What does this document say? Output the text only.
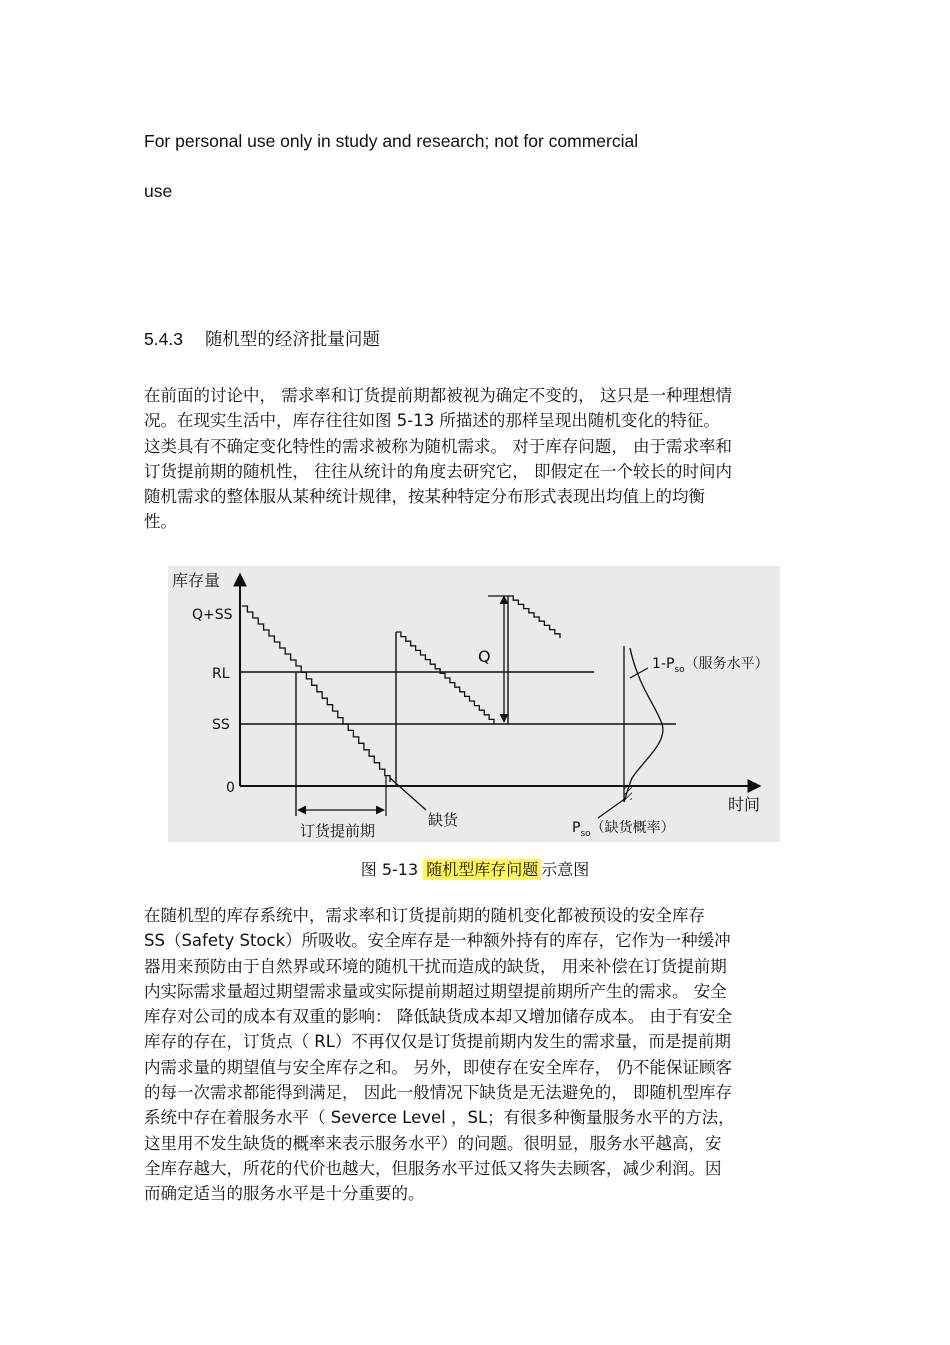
For personal use only in study and research; not for commercial
use
5.4.3 随机型的经济批量问题
在前面的讨论中， 需求率和订货提前期都被视为确定不变的， 这只是一种理想情
况。在现实生活中，库存往往如图 5-13 所描述的那样呈现出随机变化的特征。
这类具有不确定变化特性的需求被称为随机需求。 对于库存问题， 由于需求率和
订货提前期的随机性， 往往从统计的角度去研究它， 即假定在一个较长的时间内
随机需求的整体服从某种统计规律，按某种特定分布形式表现出均值上的均衡
性。
库存量
时间
Q+SS
RL
SS
0
订货提前期
缺货
Q	$1-P_{so}$（服务水平）
$P_{so}$（缺货概率）
图 5-13 随机型库存问题 示意图
在随机型的库存系统中，需求率和订货提前期的随机变化都被预设的安全库存
SS（Safety Stock）所吸收。安全库存是一种额外持有的库存，它作为一种缓冲
器用来预防由于自然界或环境的随机干扰而造成的缺货， 用来补偿在订货提前期
内实际需求量超过期望需求量或实际提前期超过期望提前期所产生的需求。 安全
库存对公司的成本有双重的影响： 降低缺货成本却又增加储存成本。 由于有安全
库存的存在，订货点（ RL）不再仅仅是订货提前期内发生的需求量，而是提前期
内需求量的期望值与安全库存之和。 另外，即使存在安全库存， 仍不能保证顾客
的每一次需求都能得到满足， 因此一般情况下缺货是无法避免的， 即随机型库存
系统中存在着服务水平（ Severce Level ，SL；有很多种衡量服务水平的方法，
这里用不发生缺货的概率来表示服务水平）的问题。很明显，服务水平越高，安
全库存越大，所花的代价也越大，但服务水平过低又将失去顾客，减少利润。因
而确定适当的服务水平是十分重要的。
